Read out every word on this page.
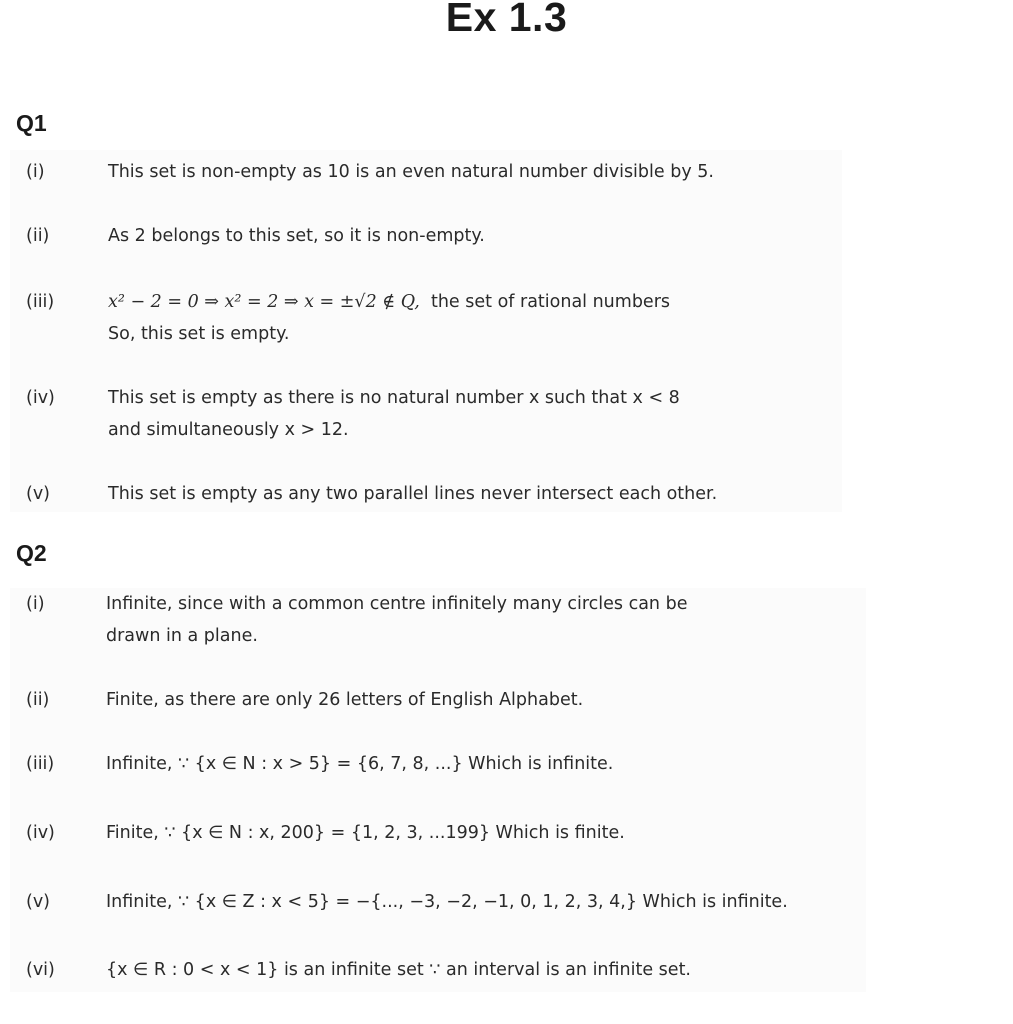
Ex 1.3
Q1
(i)	This set is non-empty as 10 is an even natural number divisible by 5.
(ii)	As 2 belongs to this set, so it is non-empty.
(iii)	x² − 2 = 0 ⇒ x² = 2 ⇒ x = ±√2 ∉ Q, the set of rational numbers
So, this set is empty.
(iv)	This set is empty as there is no natural number x such that x < 8
and simultaneously x > 12.
(v)	This set is empty as any two parallel lines never intersect each other.
Q2
(i)	Infinite, since with a common centre infinitely many circles can be
drawn in a plane.
(ii)	Finite, as there are only 26 letters of English Alphabet.
(iii)	Infinite, ∵ {x ∈ N : x > 5} = {6, 7, 8, ...} Which is infinite.
(iv)	Finite, ∵ {x ∈ N : x, 200} = {1, 2, 3, ...199} Which is finite.
(v)	Infinite, ∵ {x ∈ Z : x < 5} = −{..., −3, −2, −1, 0, 1, 2, 3, 4,} Which is infinite.
(vi)	{x ∈ R : 0 < x < 1} is an infinite set ∵ an interval is an infinite set.
